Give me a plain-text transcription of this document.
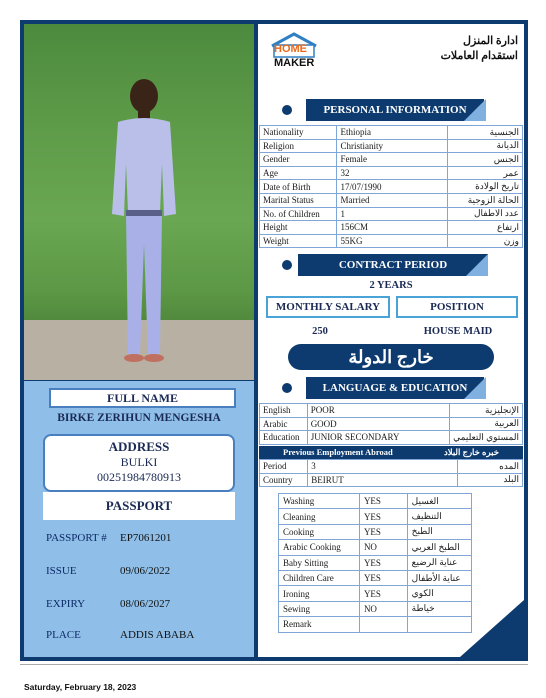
FULL NAME
BIRKE ZERIHUN MENGESHA
ADDRESS
BULKI
00251984780913
PASSPORT
PASSPORT #	EP7061201
ISSUE	09/06/2022
EXPIRY	08/06/2027
PLACE	ADDIS ABABA
HOME
MAKER
ادارة المنزل
استقدام العاملات
PERSONAL INFORMATION
Nationality	Ethiopia	الجنسية
Religion	Christianity	الديانة
Gender	Female	الجنس
Age	32	عمر
Date of Birth	17/07/1990	تاريخ الولادة
Marital Status	Married	الحالة الزوجية
No. of Children	1	عدد الاطفال
Height	156CM	ارتفاع
Weight	55KG	وزن
CONTRACT PERIOD
2 YEARS
MONTHLY SALARY	POSITION
250	HOUSE MAID
خارج الدولة
LANGUAGE & EDUCATION
English	POOR	الإنجليزية
Arabic	GOOD	العربية
Education	JUNIOR SECONDARY	المستوي التعليمي
Previous Employment Abroad	خبره خارج البلاد
Period	3	المده
Country	BEIRUT	البلد
Washing	YES	الغسيل
Cleaning	YES	التنظيف
Cooking	YES	الطبخ
Arabic Cooking	NO	الطبخ العربي
Baby Sitting	YES	عناية الرضيع
Children Care	YES	عناية الأطفال
Ironing	YES	الكوي
Sewing	NO	خياطة
Remark		
Saturday, February 18, 2023
